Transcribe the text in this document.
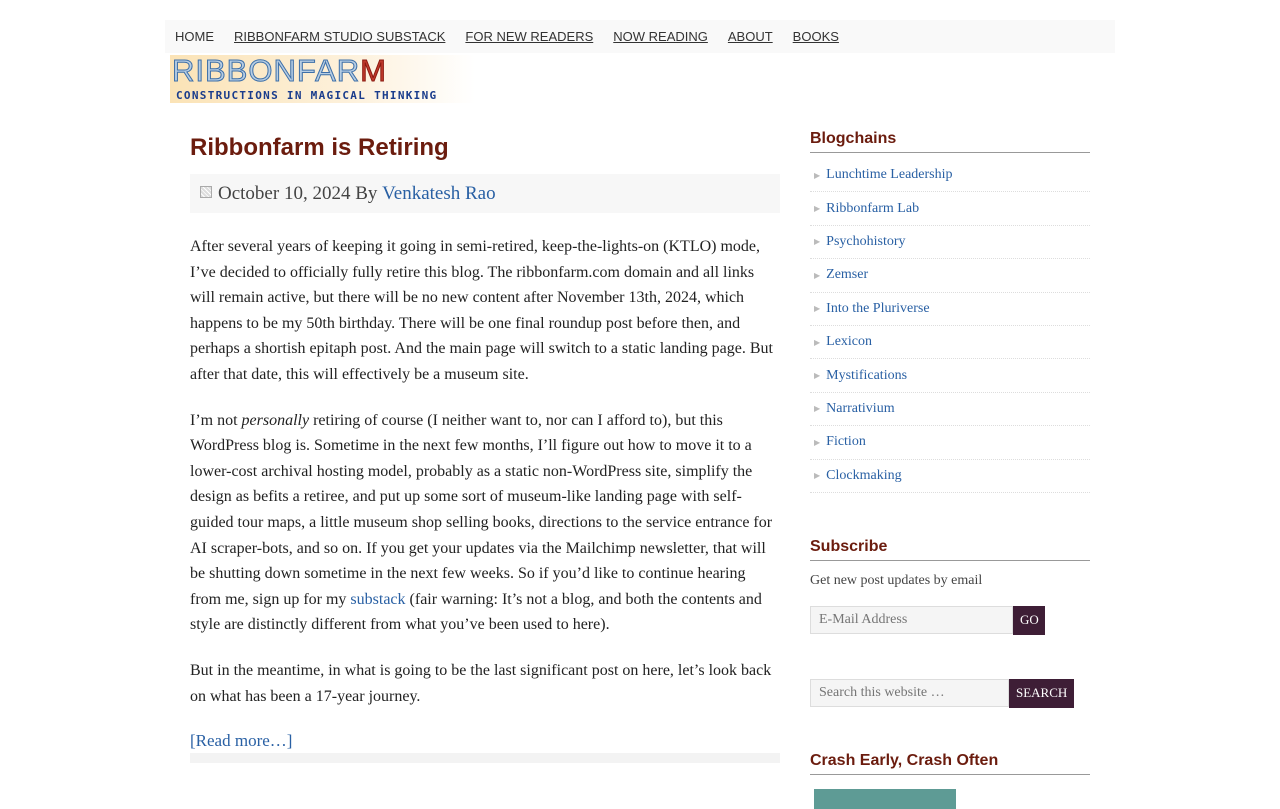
HOME RIBBONFARM STUDIO SUBSTACK FOR NEW READERS NOW READING ABOUT BOOKS
RIBBONFARM
CONSTRUCTIONS IN MAGICAL THINKING
Ribbonfarm is Retiring
October 10, 2024
By
Venkatesh Rao

After several years of keeping it going in semi-retired, keep-the-lights-on (KTLO) mode, I’ve decided to officially fully retire this blog. The ribbonfarm.com domain and all links will remain active, but there will be no new content after November 13th, 2024, which happens to be my 50th birthday. There will be one final roundup post before then, and perhaps a shortish epitaph post. And the main page will switch to a static landing page. But after that date, this will effectively be a museum site.

I’m not personally retiring of course (I neither want to, nor can I afford to), but this WordPress blog is. Sometime in the next few months, I’ll figure out how to move it to a lower-cost archival hosting model, probably as a static non-WordPress site, simplify the design as befits a retiree, and put up some sort of museum-like landing page with self-guided tour maps, a little museum shop selling books, directions to the service entrance for AI scraper-bots, and so on. If you get your updates via the Mailchimp newsletter, that will be shutting down sometime in the next few weeks. So if you’d like to continue hearing from me, sign up for my substack (fair warning: It’s not a blog, and both the contents and style are distinctly different from what you’ve been used to here).

But in the meantime, in what is going to be the last significant post on here, let’s look back on what has been a 17-year journey.

[Read more…]
Blogchains
▶ Lunchtime Leadership
▶ Ribbonfarm Lab
▶ Psychohistory
▶ Zemser
▶ Into the Pluriverse
▶ Lexicon
▶ Mystifications
▶ Narrativium
▶ Fiction
▶ Clockmaking
Subscribe

Get new post updates by email

E-Mail Address
GO
Search this website …
SEARCH
Crash Early, Crash Often
